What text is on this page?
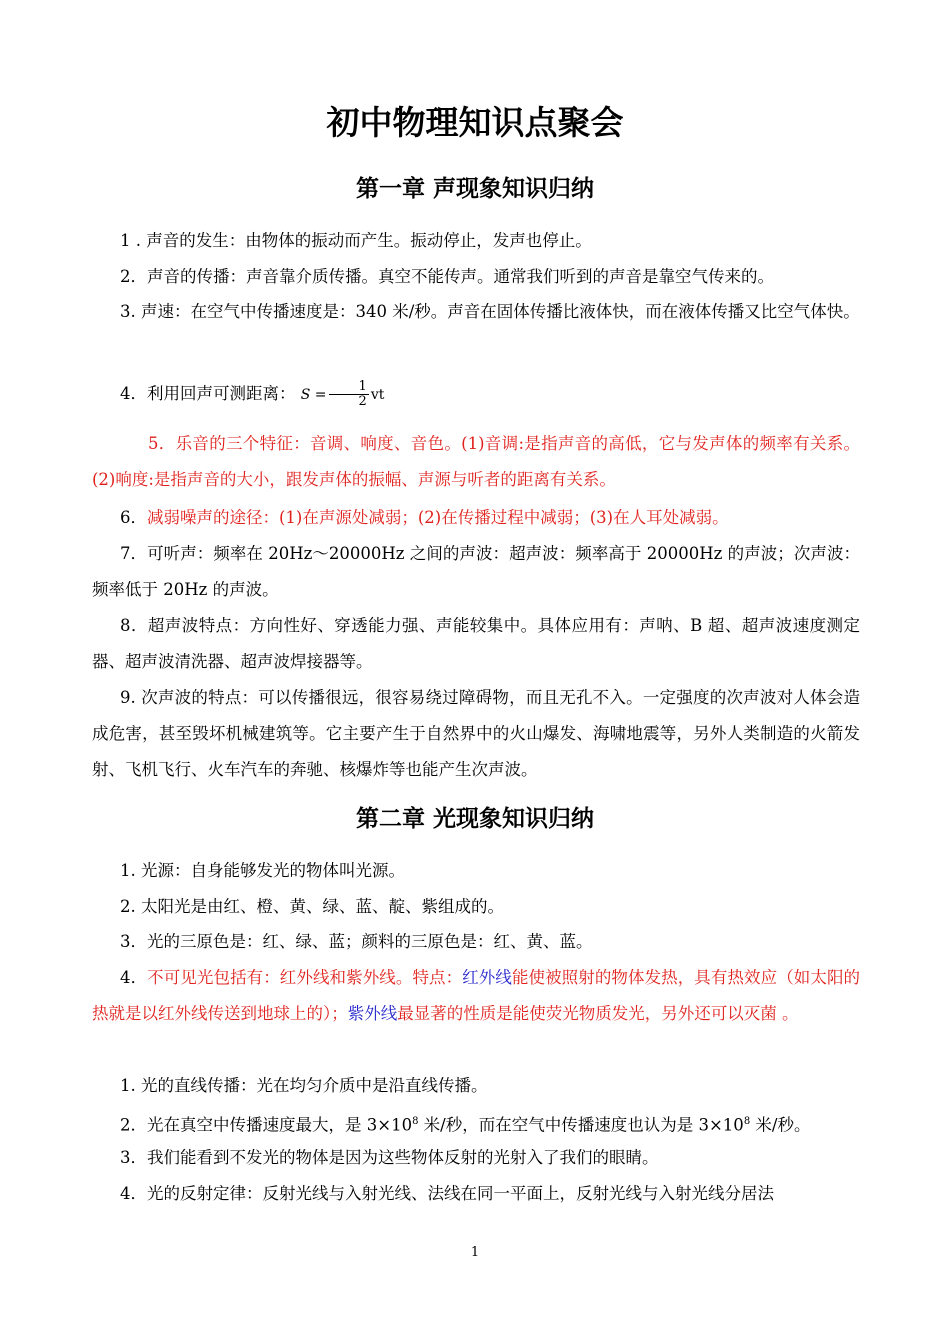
初中物理知识点聚会
第一章 声现象知识归纳
1 . 声音的发生：由物体的振动而产生。振动停止，发声也停止。
2．声音的传播：声音靠介质传播。真空不能传声。通常我们听到的声音是靠空气传来的。
3. 声速：在空气中传播速度是：340 米/秒。声音在固体传播比液体快，而在液体传播又比空气体快。
4．利用回声可测距离： $S = \frac{1}{2}$ vt
5．乐音的三个特征：音调、响度、音色。(1)音调:是指声音的高低，它与发声体的频率有关系。(2)响度:是指声音的大小，跟发声体的振幅、声源与听者的距离有关系。
6．减弱噪声的途径：(1)在声源处减弱；(2)在传播过程中减弱；(3)在人耳处减弱。
7．可听声：频率在 20Hz～20000Hz 之间的声波：超声波：频率高于 20000Hz 的声波；次声波：频率低于 20Hz 的声波。
8．超声波特点：方向性好、穿透能力强、声能较集中。具体应用有：声呐、B 超、超声波速度测定器、超声波清洗器、超声波焊接器等。
9. 次声波的特点：可以传播很远，很容易绕过障碍物，而且无孔不入。一定强度的次声波对人体会造成危害，甚至毁坏机械建筑等。它主要产生于自然界中的火山爆发、海啸地震等，另外人类制造的火箭发射、飞机飞行、火车汽车的奔驰、核爆炸等也能产生次声波。
第二章 光现象知识归纳
1. 光源：自身能够发光的物体叫光源。
2. 太阳光是由红、橙、黄、绿、蓝、靛、紫组成的。
3．光的三原色是：红、绿、蓝；颜料的三原色是：红、黄、蓝。
4．不可见光包括有：红外线和紫外线。特点：红外线能使被照射的物体发热，具有热效应（如太阳的热就是以红外线传送到地球上的）；紫外线最显著的性质是能使荧光物质发光，另外还可以灭菌 。
1. 光的直线传播：光在均匀介质中是沿直线传播。
2．光在真空中传播速度最大，是 $3\times 10^8$ 米/秒，而在空气中传播速度也认为是 $3\times 10^8$ 米/秒。
3．我们能看到不发光的物体是因为这些物体反射的光射入了我们的眼睛。
4．光的反射定律：反射光线与入射光线、法线在同一平面上，反射光线与入射光线分居法
1
